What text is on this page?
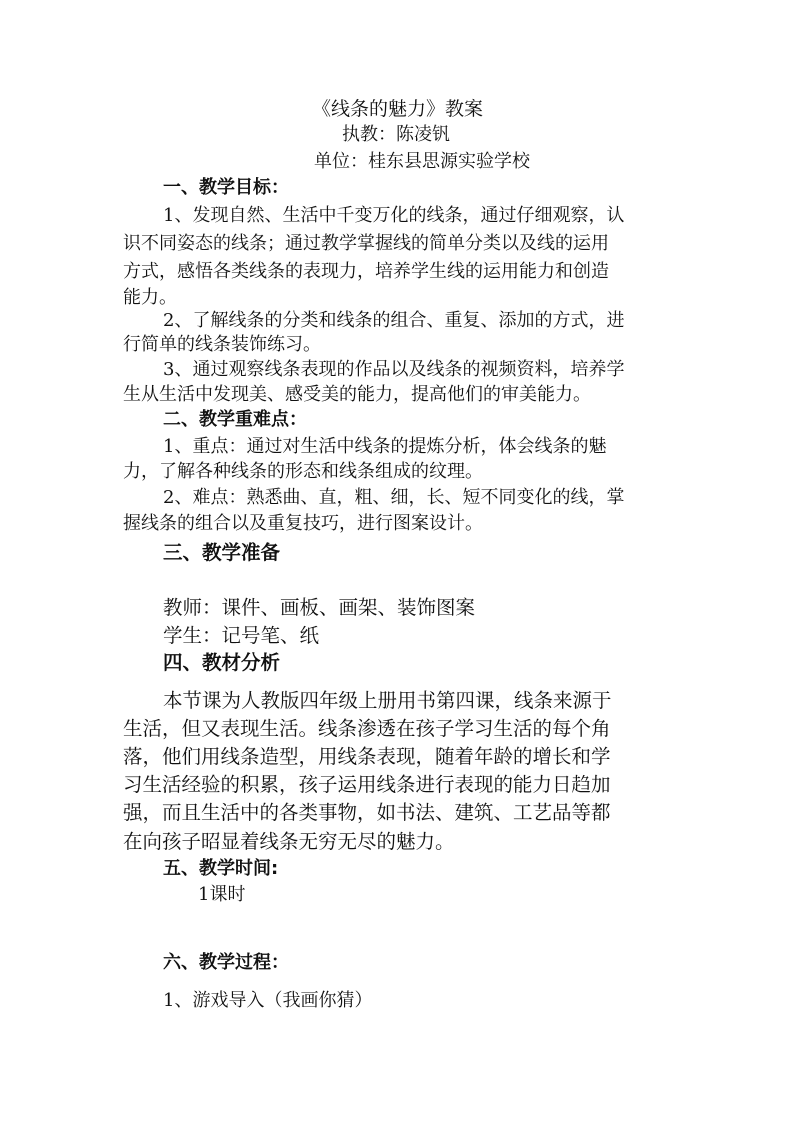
《线条的魅力》教案
执教：陈凌钒
单位：桂东县思源实验学校
一、教学目标：
1、发现自然、生活中千变万化的线条，通过仔细观察，认
识不同姿态的线条；通过教学掌握线的简单分类以及线的运用
方式，感悟各类线条的表现力，培养学生线的运用能力和创造
能力。
2、了解线条的分类和线条的组合、重复、添加的方式，进
行简单的线条装饰练习。
3、通过观察线条表现的作品以及线条的视频资料，培养学
生从生活中发现美、感受美的能力，提高他们的审美能力。
二、教学重难点：
1、重点：通过对生活中线条的提炼分析，体会线条的魅
力，了解各种线条的形态和线条组成的纹理。
2、难点：熟悉曲、直，粗、细，长、短不同变化的线，掌
握线条的组合以及重复技巧，进行图案设计。
三、教学准备
教师：课件、画板、画架、装饰图案
学生：记号笔、纸
四、教材分析
本节课为人教版四年级上册用书第四课，线条来源于
生活，但又表现生活。线条渗透在孩子学习生活的每个角
落，他们用线条造型，用线条表现，随着年龄的增长和学
习生活经验的积累，孩子运用线条进行表现的能力日趋加
强，而且生活中的各类事物，如书法、建筑、工艺品等都
在向孩子昭显着线条无穷无尽的魅力。
五、教学时间:
1课时
六、教学过程：
1、游戏导入（我画你猜）
